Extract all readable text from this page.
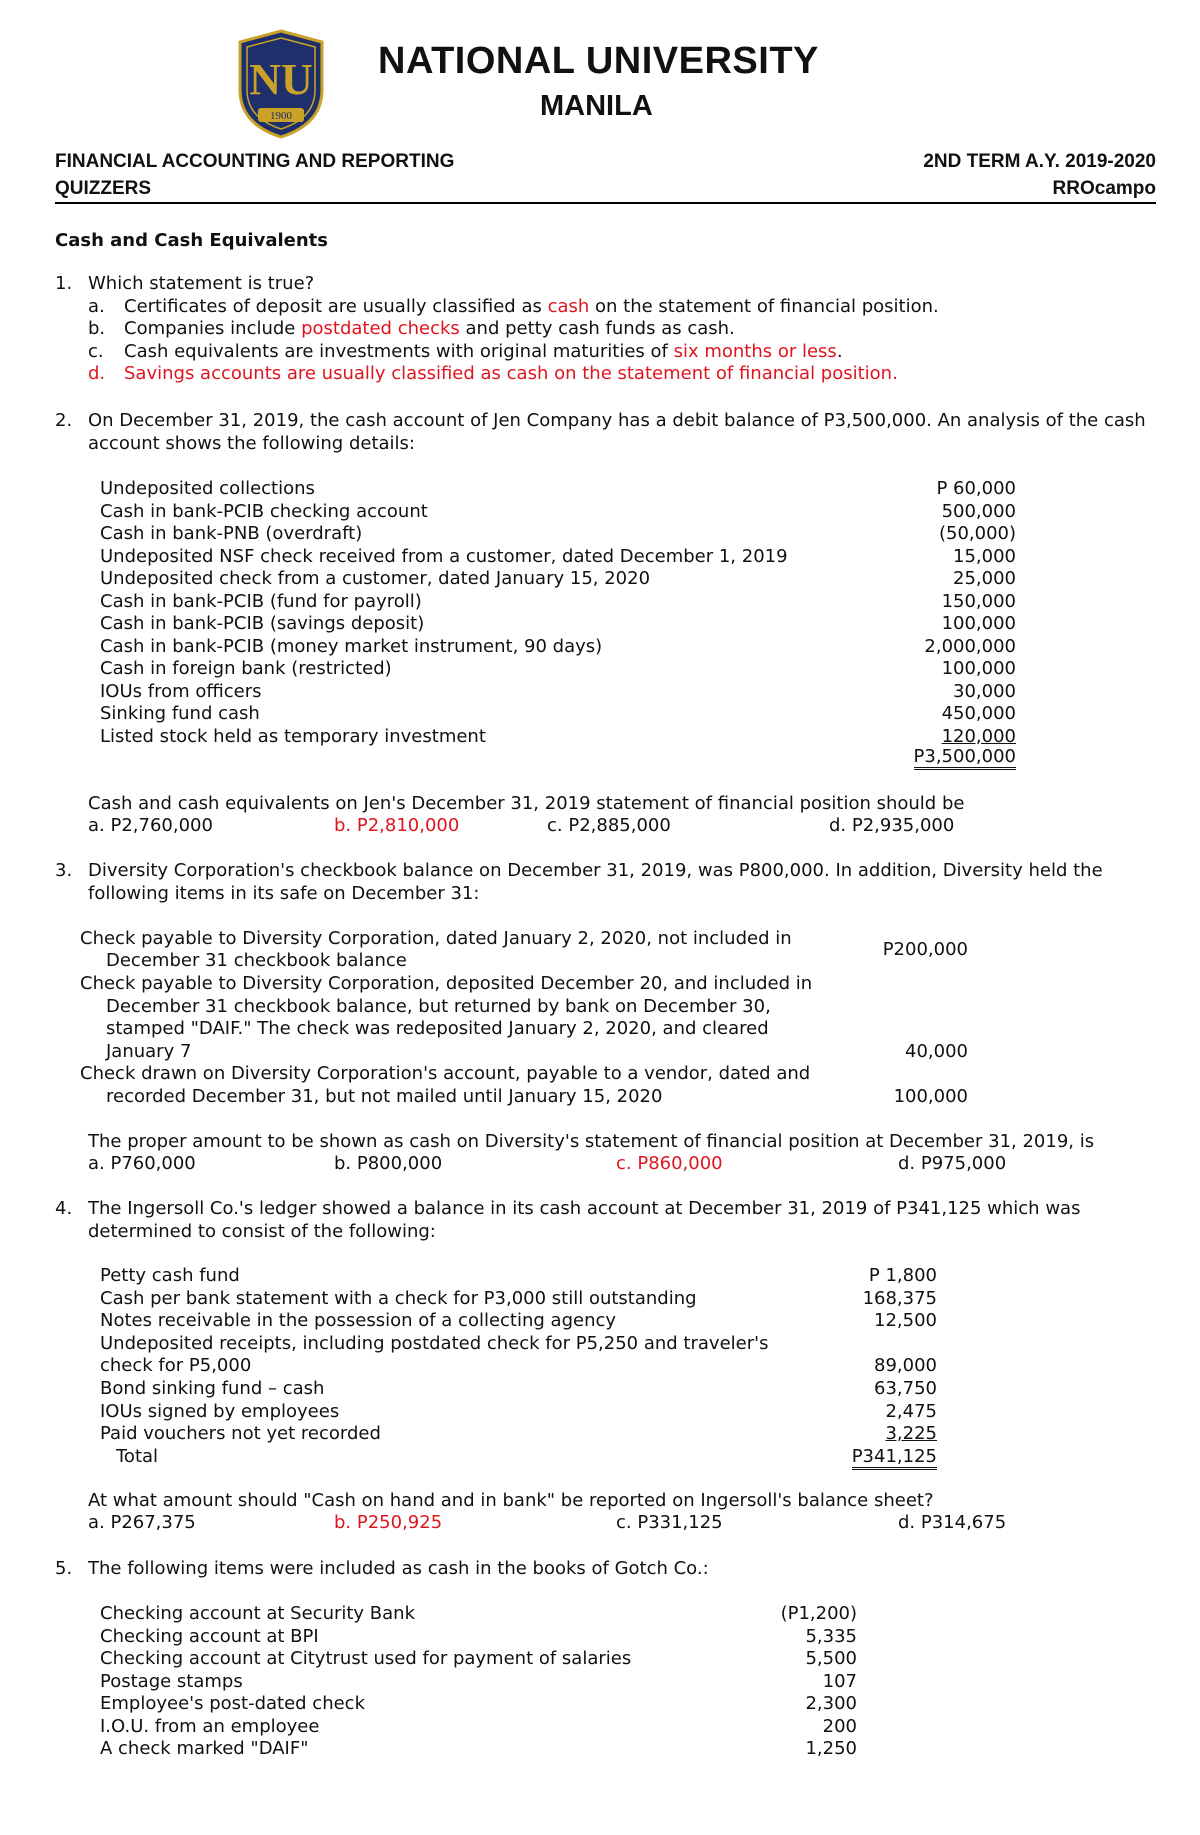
NU
1900
NATIONAL UNIVERSITY
MANILA
FINANCIAL ACCOUNTING AND REPORTING	2ND TERM A.Y. 2019-2020
QUIZZERS	RROcampo
Cash and Cash Equivalents
1. Which statement is true?
a. Certificates of deposit are usually classified as cash on the statement of financial position.
b. Companies include postdated checks and petty cash funds as cash.
c. Cash equivalents are investments with original maturities of six months or less.
d. Savings accounts are usually classified as cash on the statement of financial position.
2. On December 31, 2019, the cash account of Jen Company has a debit balance of P3,500,000. An analysis of the cash
account shows the following details:
Undeposited collections	P 60,000
Cash in bank-PCIB checking account	500,000
Cash in bank-PNB (overdraft)	(50,000)
Undeposited NSF check received from a customer, dated December 1, 2019	15,000
Undeposited check from a customer, dated January 15, 2020	25,000
Cash in bank-PCIB (fund for payroll)	150,000
Cash in bank-PCIB (savings deposit)	100,000
Cash in bank-PCIB (money market instrument, 90 days)	2,000,000
Cash in foreign bank (restricted)	100,000
IOUs from officers	30,000
Sinking fund cash	450,000
Listed stock held as temporary investment	120,000
P3,500,000
Cash and cash equivalents on Jen's December 31, 2019 statement of financial position should be
a. P2,760,000	b. P2,810,000	c. P2,885,000	d. P2,935,000
3. Diversity Corporation's checkbook balance on December 31, 2019, was P800,000. In addition, Diversity held the
following items in its safe on December 31:
Check payable to Diversity Corporation, dated January 2, 2020, not included in
December 31 checkbook balance
P200,000
Check payable to Diversity Corporation, deposited December 20, and included in
December 31 checkbook balance, but returned by bank on December 30,
stamped "DAIF." The check was redeposited January 2, 2020, and cleared
January 7	40,000
Check drawn on Diversity Corporation's account, payable to a vendor, dated and
recorded December 31, but not mailed until January 15, 2020	100,000
The proper amount to be shown as cash on Diversity's statement of financial position at December 31, 2019, is
a. P760,000	b. P800,000	c. P860,000	d. P975,000
4. The Ingersoll Co.'s ledger showed a balance in its cash account at December 31, 2019 of P341,125 which was
determined to consist of the following:
Petty cash fund	P 1,800
Cash per bank statement with a check for P3,000 still outstanding	168,375
Notes receivable in the possession of a collecting agency	12,500
Undeposited receipts, including postdated check for P5,250 and traveler's
check for P5,000	89,000
Bond sinking fund – cash	63,750
IOUs signed by employees	2,475
Paid vouchers not yet recorded	3,225
Total	P341,125
At what amount should "Cash on hand and in bank" be reported on Ingersoll's balance sheet?
a. P267,375	b. P250,925	c. P331,125	d. P314,675
5. The following items were included as cash in the books of Gotch Co.:
Checking account at Security Bank	(P1,200)
Checking account at BPI	5,335
Checking account at Citytrust used for payment of salaries	5,500
Postage stamps	107
Employee's post-dated check	2,300
I.O.U. from an employee	200
A check marked "DAIF"	1,250
